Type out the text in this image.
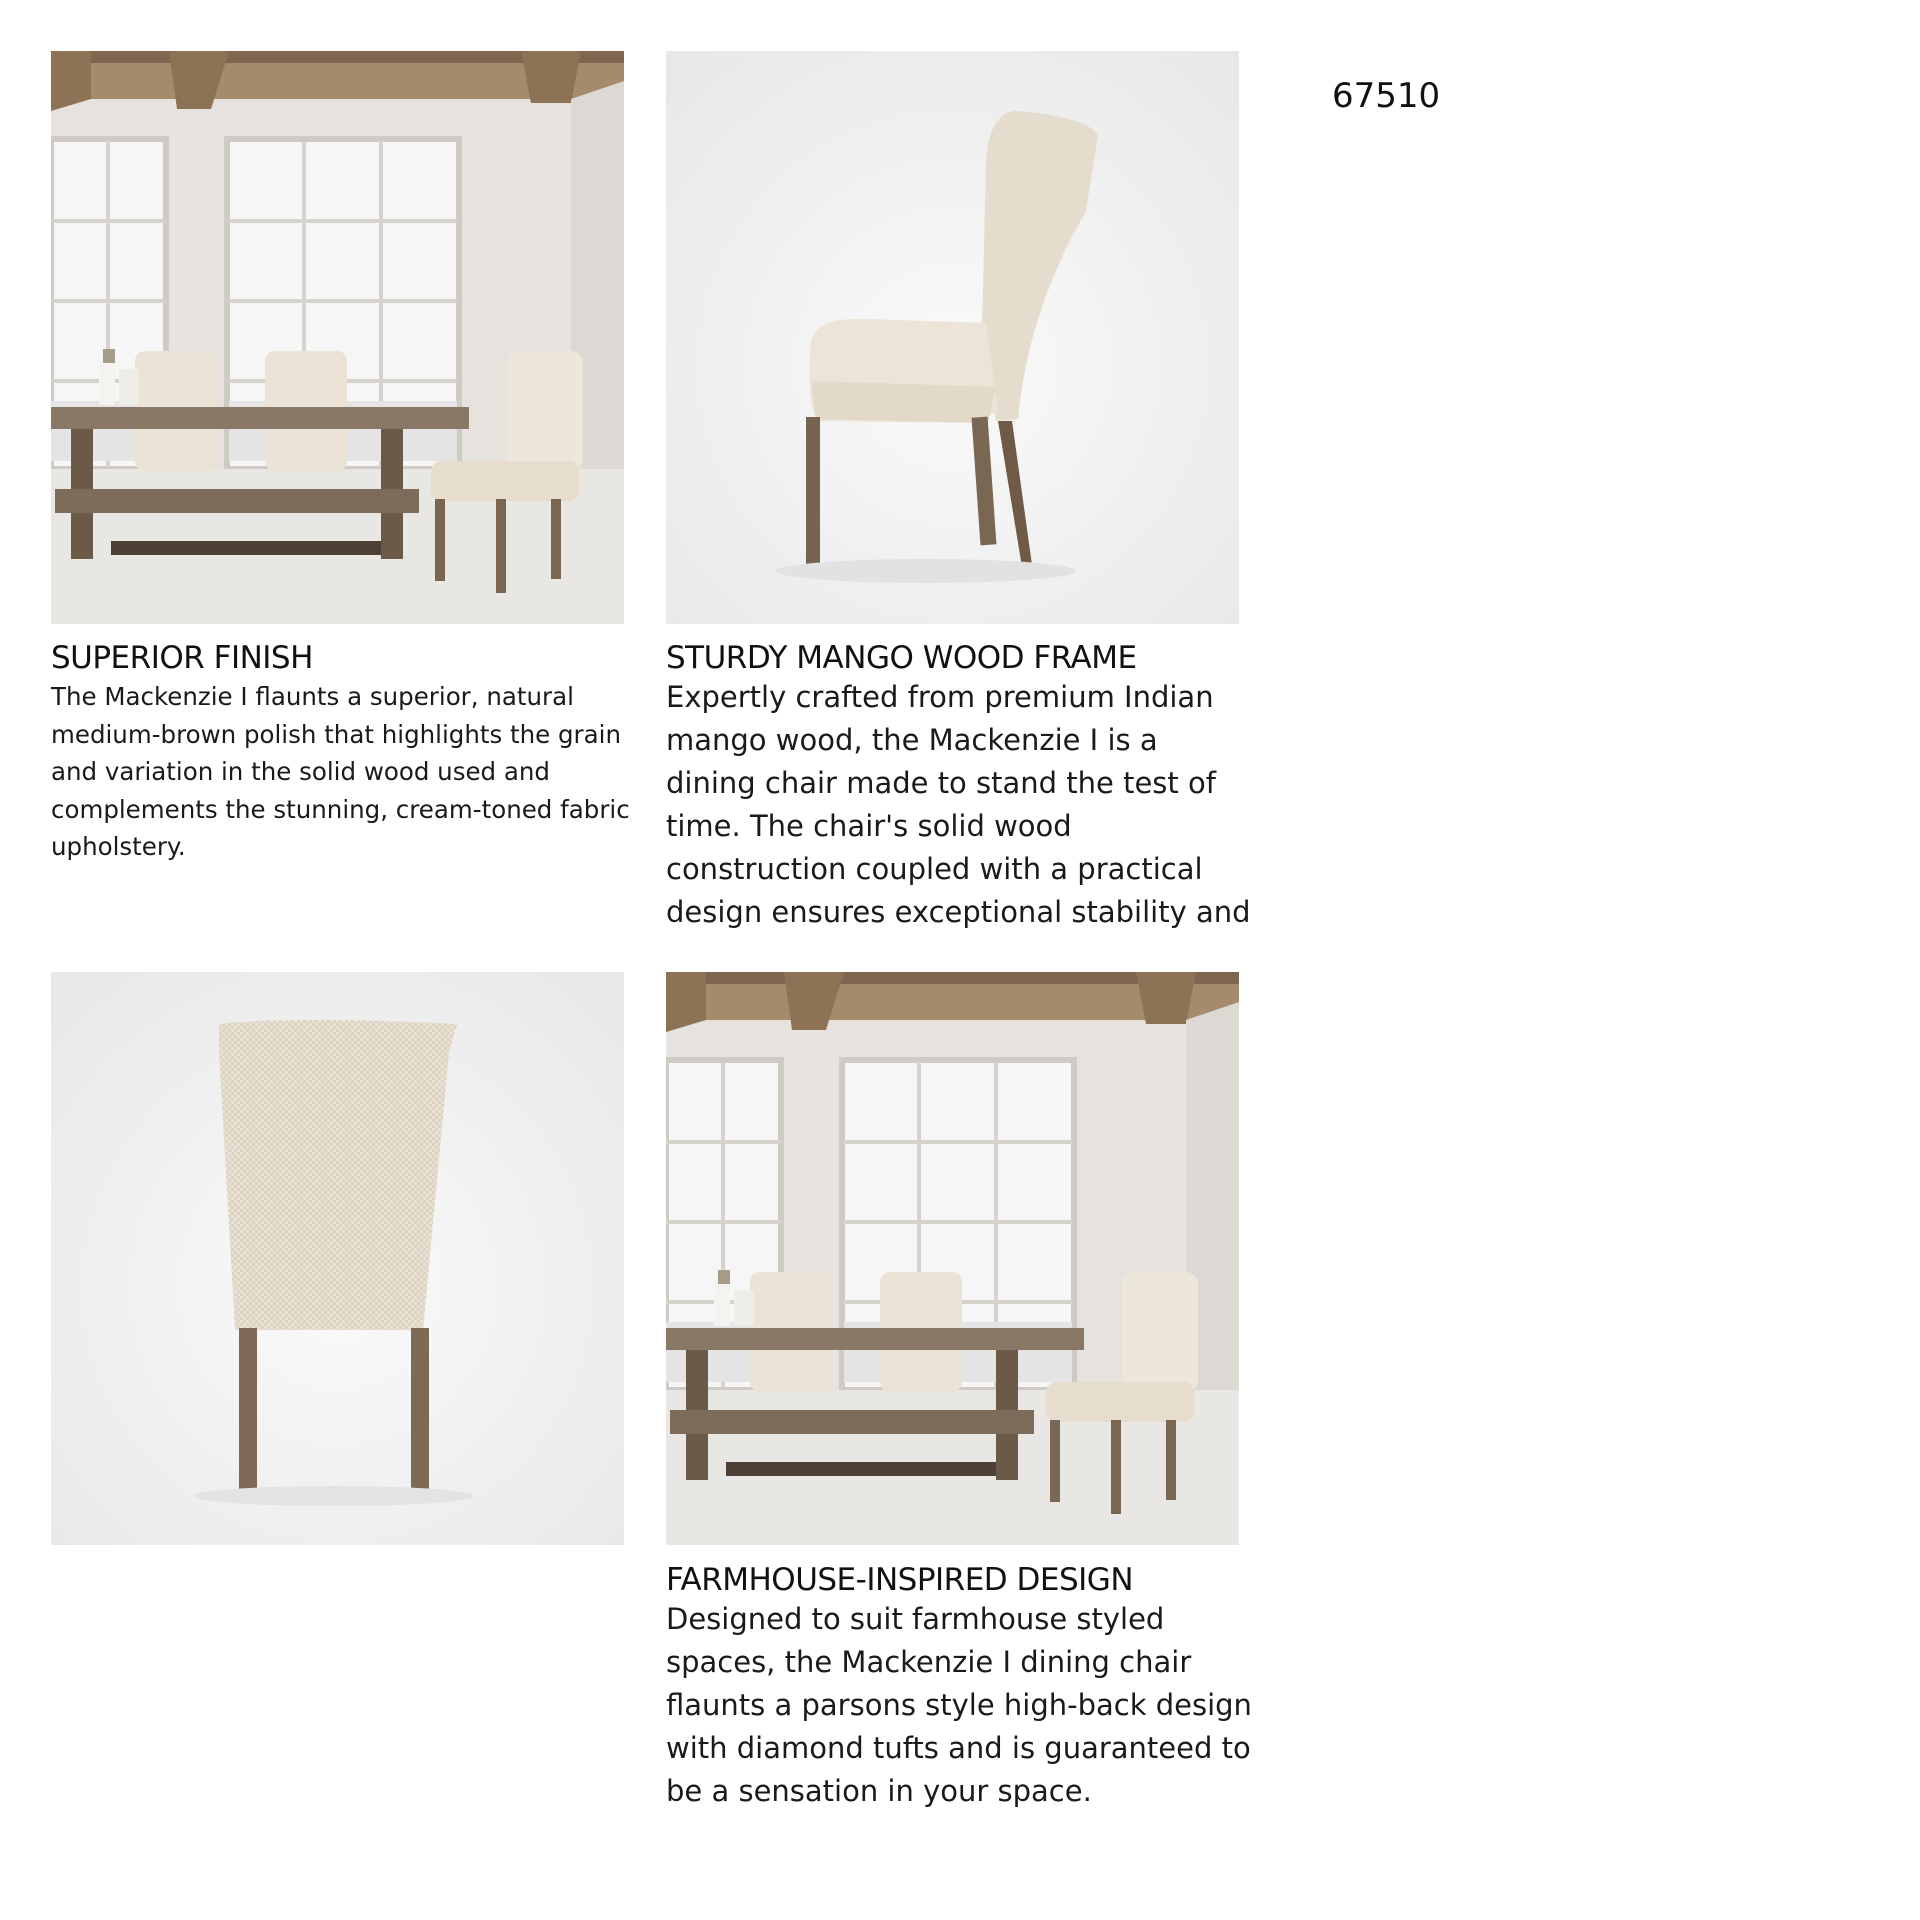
67510
SUPERIOR FINISH

The Mackenzie I flaunts a superior, natural medium-brown polish that highlights the grain and variation in the solid wood used and complements the stunning, cream-toned fabric upholstery.

STURDY MANGO WOOD FRAME

Expertly crafted from premium Indian mango wood, the Mackenzie I is a dining chair made to stand the test of time. The chair's solid wood construction coupled with a practical design ensures exceptional stability and

FARMHOUSE-INSPIRED DESIGN

Designed to suit farmhouse styled spaces, the Mackenzie I dining chair flaunts a parsons style high-back design with diamond tufts and is guaranteed to be a sensation in your space.
